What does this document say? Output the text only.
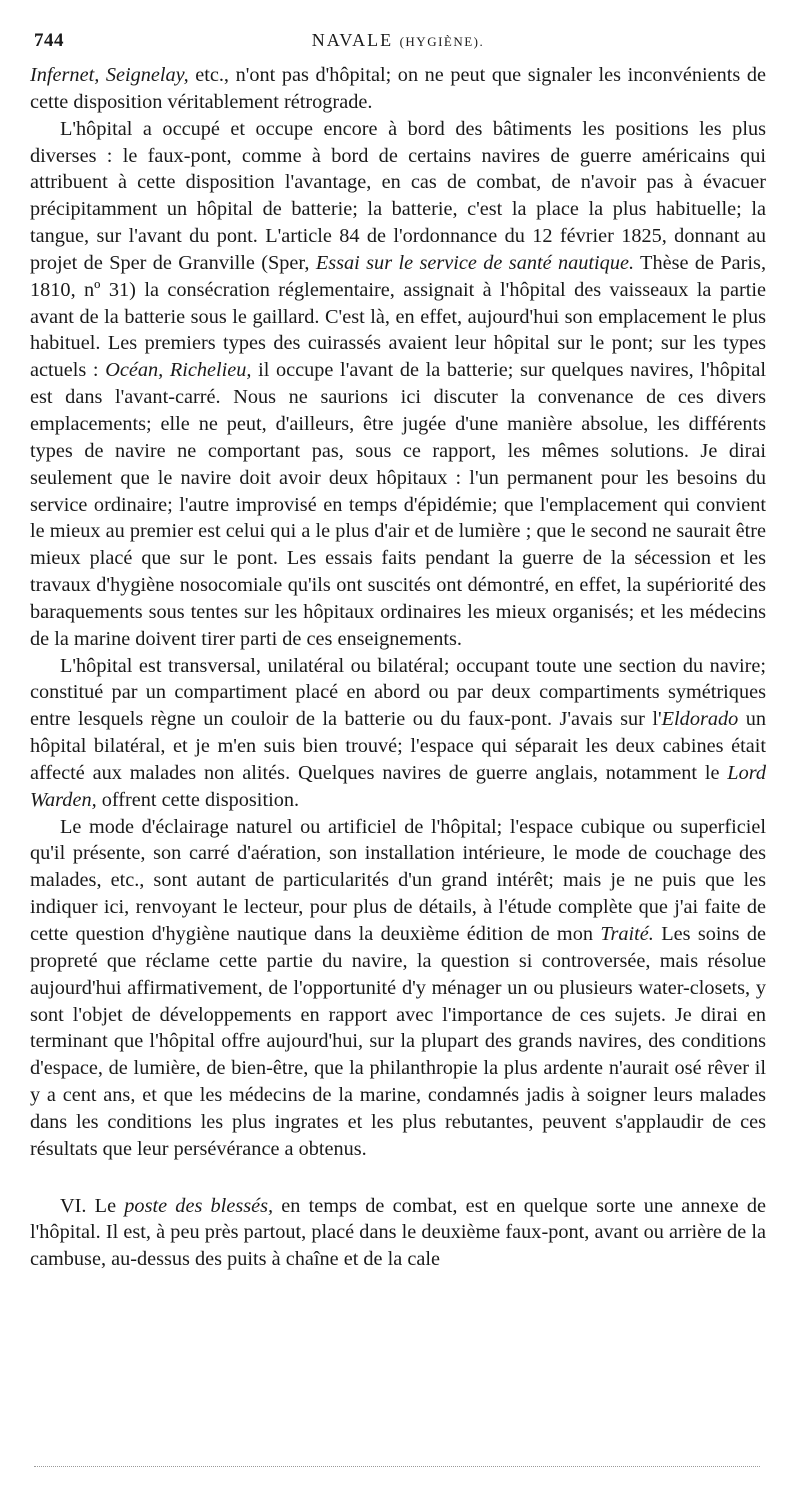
744	NAVALE (HYGIÈNE).

Infernet, Seignelay, etc., n'ont pas d'hôpital; on ne peut que signaler les inconvénients de cette disposition véritablement rétrograde.

L'hôpital a occupé et occupe encore à bord des bâtiments les positions les plus diverses : le faux-pont, comme à bord de certains navires de guerre américains qui attribuent à cette disposition l'avantage, en cas de combat, de n'avoir pas à évacuer précipitamment un hôpital de batterie; la batterie, c'est la place la plus habituelle; la tangue, sur l'avant du pont. L'article 84 de l'ordonnance du 12 février 1825, donnant au projet de Sper de Granville (Sper, Essai sur le service de santé nautique. Thèse de Paris, 1810, nº 31) la consécration réglementaire, assignait à l'hôpital des vaisseaux la partie avant de la batterie sous le gaillard. C'est là, en effet, aujourd'hui son emplacement le plus habituel. Les premiers types des cuirassés avaient leur hôpital sur le pont; sur les types actuels : Océan, Richelieu, il occupe l'avant de la batterie; sur quelques navires, l'hôpital est dans l'avant-carré. Nous ne saurions ici discuter la convenance de ces divers emplacements; elle ne peut, d'ailleurs, être jugée d'une manière absolue, les différents types de navire ne comportant pas, sous ce rapport, les mêmes solutions. Je dirai seulement que le navire doit avoir deux hôpitaux : l'un permanent pour les besoins du service ordinaire; l'autre improvisé en temps d'épidémie; que l'emplacement qui convient le mieux au premier est celui qui a le plus d'air et de lumière ; que le second ne saurait être mieux placé que sur le pont. Les essais faits pendant la guerre de la sécession et les travaux d'hygiène nosocomiale qu'ils ont suscités ont démontré, en effet, la supériorité des baraquements sous tentes sur les hôpitaux ordinaires les mieux organisés; et les médecins de la marine doivent tirer parti de ces enseignements.

L'hôpital est transversal, unilatéral ou bilatéral; occupant toute une section du navire; constitué par un compartiment placé en abord ou par deux compartiments symétriques entre lesquels règne un couloir de la batterie ou du faux-pont. J'avais sur l'Eldorado un hôpital bilatéral, et je m'en suis bien trouvé; l'espace qui séparait les deux cabines était affecté aux malades non alités. Quelques navires de guerre anglais, notamment le Lord Warden, offrent cette disposition.

Le mode d'éclairage naturel ou artificiel de l'hôpital; l'espace cubique ou superficiel qu'il présente, son carré d'aération, son installation intérieure, le mode de couchage des malades, etc., sont autant de particularités d'un grand intérêt; mais je ne puis que les indiquer ici, renvoyant le lecteur, pour plus de détails, à l'étude complète que j'ai faite de cette question d'hygiène nautique dans la deuxième édition de mon Traité. Les soins de propreté que réclame cette partie du navire, la question si controversée, mais résolue aujourd'hui affirmativement, de l'opportunité d'y ménager un ou plusieurs water-closets, y sont l'objet de développements en rapport avec l'importance de ces sujets. Je dirai en terminant que l'hôpital offre aujourd'hui, sur la plupart des grands navires, des conditions d'espace, de lumière, de bien-être, que la philanthropie la plus ardente n'aurait osé rêver il y a cent ans, et que les médecins de la marine, condamnés jadis à soigner leurs malades dans les conditions les plus ingrates et les plus rebutantes, peuvent s'applaudir de ces résultats que leur persévérance a obtenus.

VI. Le poste des blessés, en temps de combat, est en quelque sorte une annexe de l'hôpital. Il est, à peu près partout, placé dans le deuxième faux-pont, avant ou arrière de la cambuse, au-dessus des puits à chaîne et de la cale
